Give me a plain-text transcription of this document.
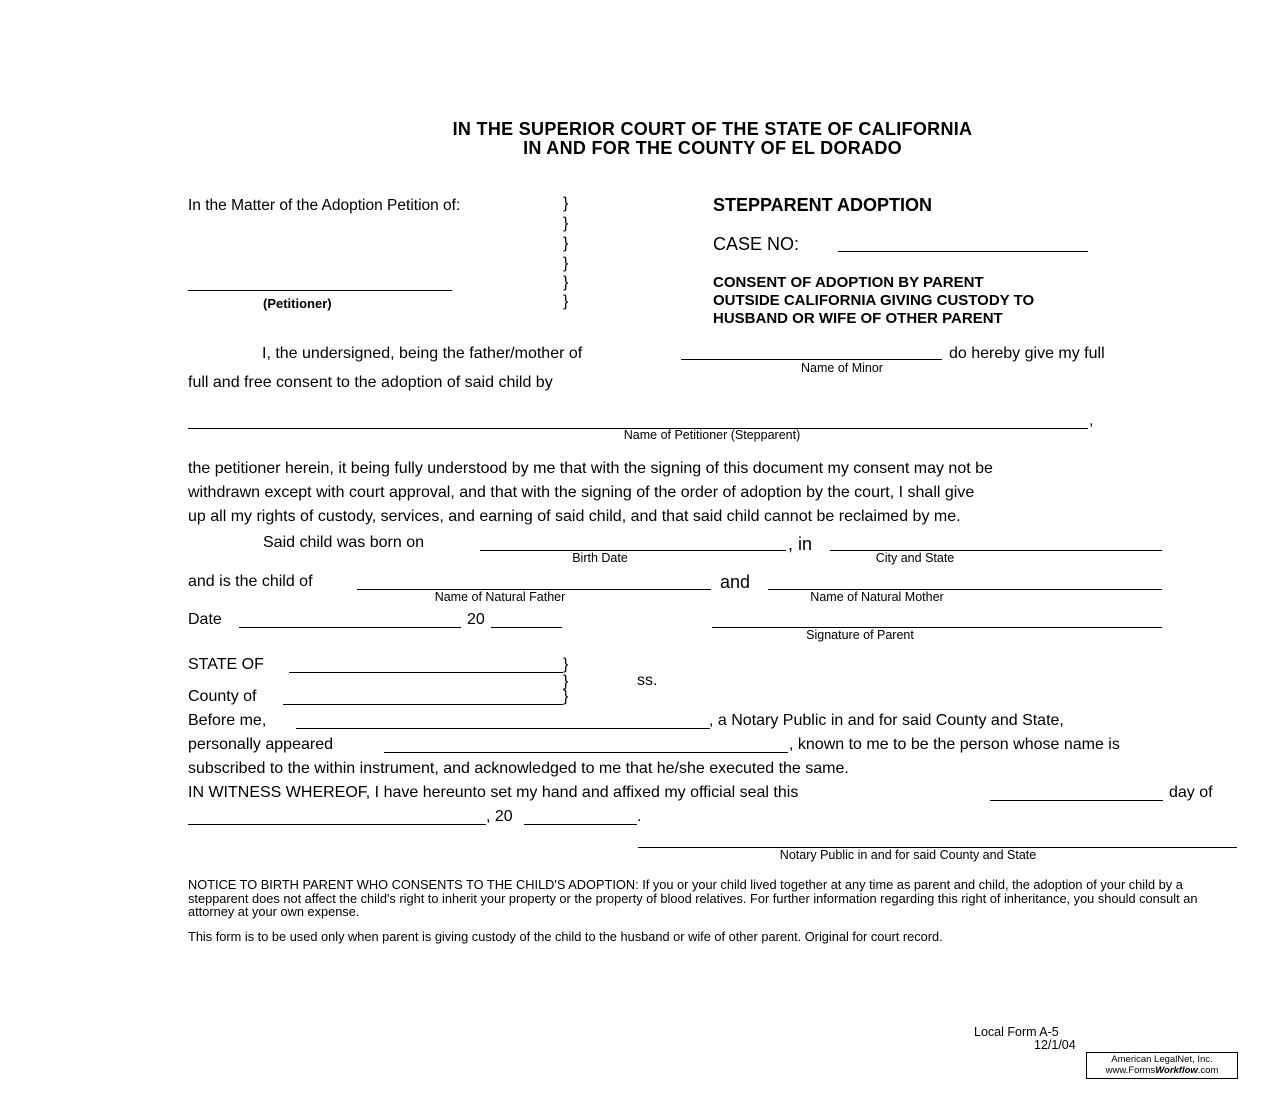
IN THE SUPERIOR COURT OF THE STATE OF CALIFORNIA
IN AND FOR THE COUNTY OF EL DORADO
In the Matter of the Adoption Petition of:	}
}
}
}
}
}
(Petitioner)
STEPPARENT ADOPTION
CASE NO:
CONSENT OF ADOPTION BY PARENT
OUTSIDE CALIFORNIA GIVING CUSTODY TO
HUSBAND OR WIFE OF OTHER PARENT
I, the undersigned, being the father/mother of	do hereby give my full
Name of Minor
full and free consent to the adoption of said child by
,
Name of Petitioner (Stepparent)
the petitioner herein, it being fully understood by me that with the signing of this document my consent may not be
withdrawn except with court approval, and that with the signing of the order of adoption by the court, I shall give
up all my rights of custody, services, and earning of said child, and that said child cannot be reclaimed by me.
Said child was born on	, in
Birth Date	City and State
and is the child of	and
Name of Natural Father	Name of Natural Mother
Date	20
Signature of Parent
STATE OF	}
}	ss.
County of	}
Before me,	, a Notary Public in and for said County and State,
personally appeared	, known to me to be the person whose name is
subscribed to the within instrument, and acknowledged to me that he/she executed the same.
IN WITNESS WHEREOF, I have hereunto set my hand and affixed my official seal this	day of
, 20	.
Notary Public in and for said County and State
NOTICE TO BIRTH PARENT WHO CONSENTS TO THE CHILD'S ADOPTION: If you or your child lived together at any time as parent and child, the adoption of your child by a stepparent does not affect the child's right to inherit your property or the property of blood relatives. For further information regarding this right of inheritance, you should consult an attorney at your own expense.
This form is to be used only when parent is giving custody of the child to the husband or wife of other parent. Original for court record.
Local Form A-5
12/1/04
American LegalNet, Inc.
www.FormsWorkflow.com
